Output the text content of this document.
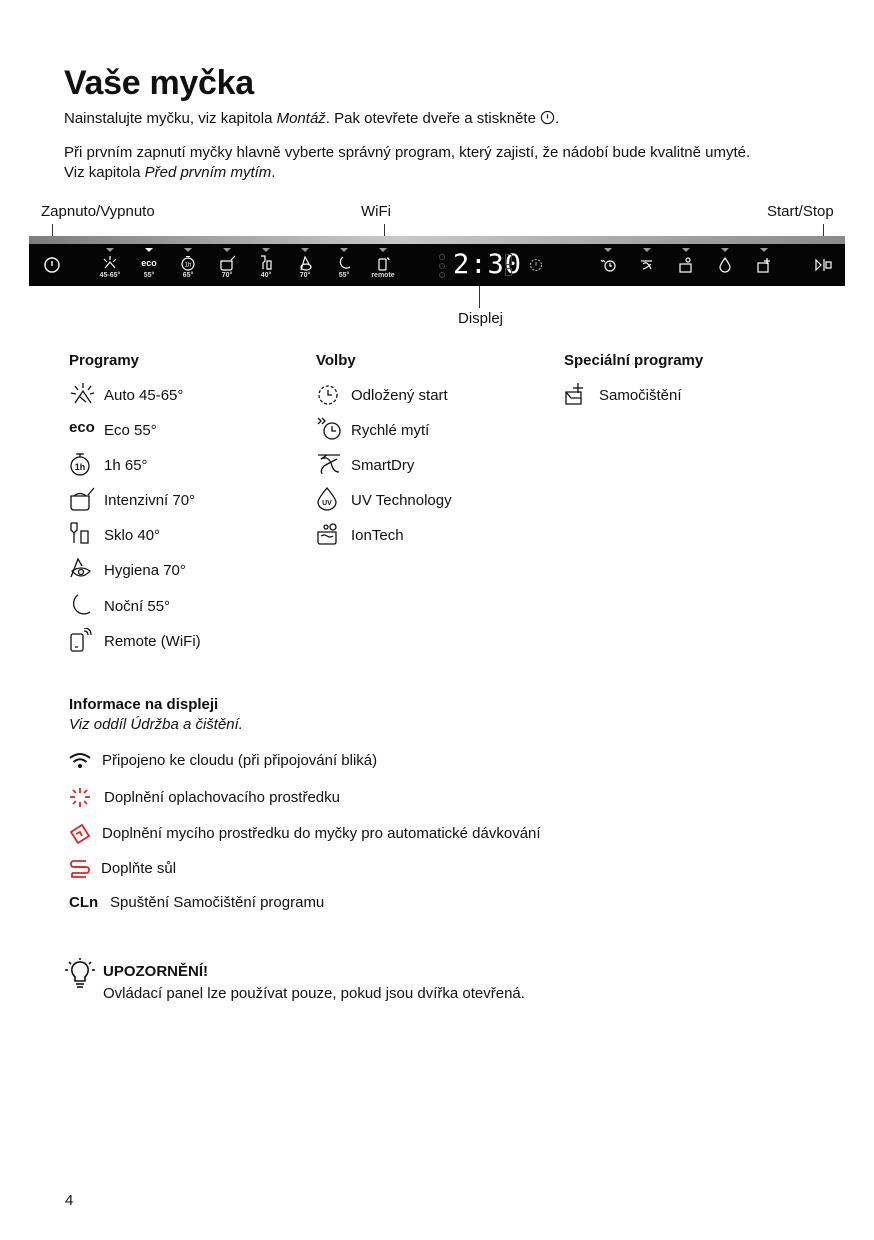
Vaše myčka
Nainstalujte myčku, viz kapitola Montáž. Pak otevřete dveře a stiskněte .
Při prvním zapnutí myčky hlavně vyberte správný program, který zajistí, že nádobí bude kvalitně umyté.
Viz kapitola Před prvním mytím.
Zapnuto/Vypnuto	WiFi	Start/Stop
Displej
45-65°
eco
55°
1h
65°	70°	40°	70°	55°	remote	2:30
Programy	Volby	Speciální programy
Auto 45-65°
eco Eco 55°
1h 1h 65°
Intenzivní 70°
Sklo 40°
Hygiena 70°
Noční 55°
Remote (WiFi)
Odložený start
Rychlé mytí
SmartDry
UV UV Technology
IonTech
Samočištění
Informace na displeji
Viz oddíl Údržba a čištění.
Připojeno ke cloudu (při připojování bliká)
Doplnění oplachovacího prostředku
Doplnění mycího prostředku do myčky pro automatické dávkování
Doplňte sůl
CLn Spuštění Samočištění programu
UPOZORNĚNÍ!
Ovládací panel lze používat pouze, pokud jsou dvířka otevřená.
4
